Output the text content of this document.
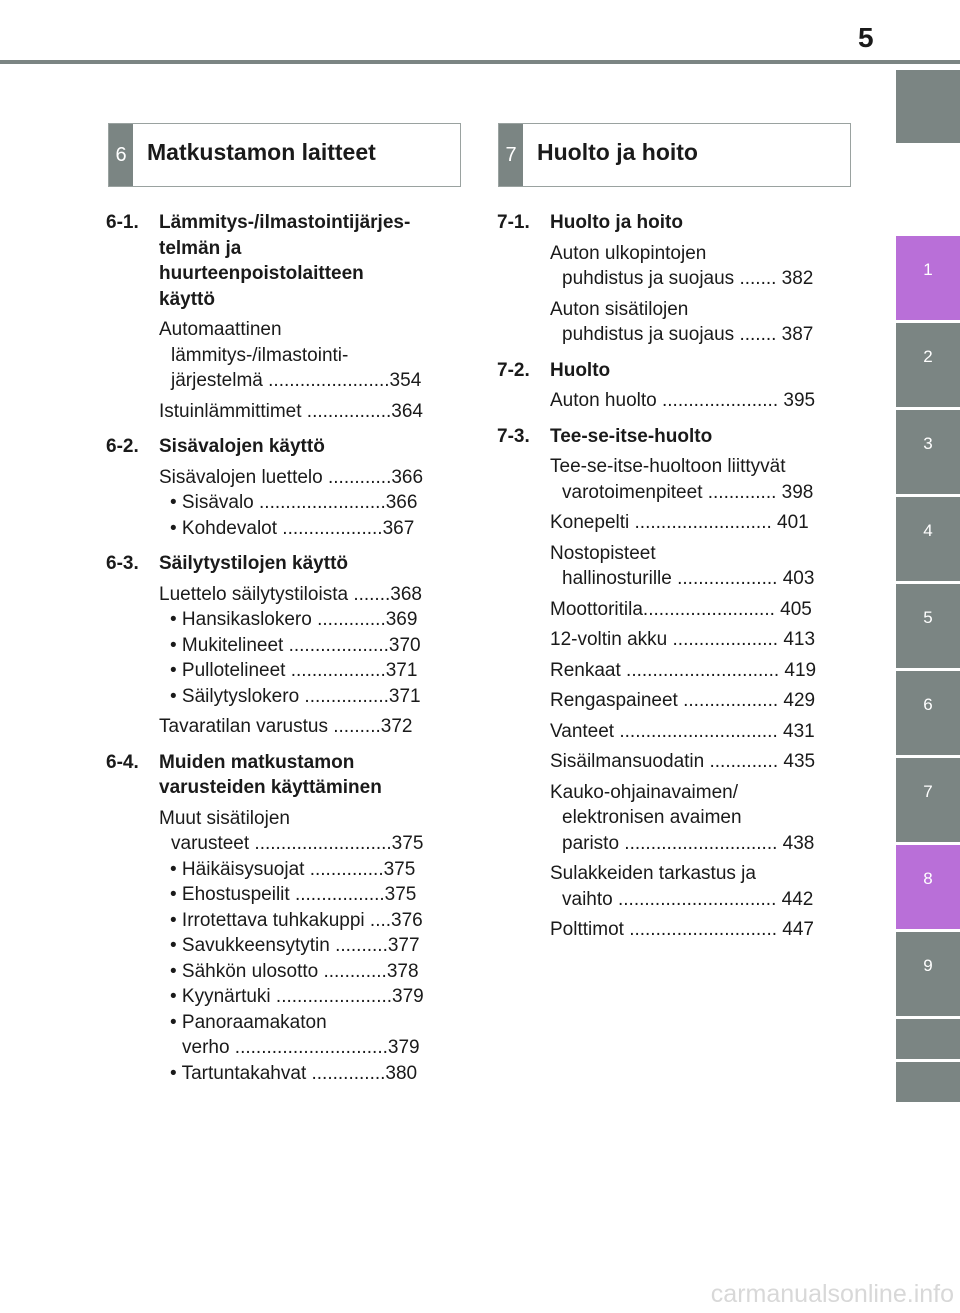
5
1
2
3
4
5
6
7
8
9
6 Matkustamon laitteet	7 Huolto ja hoito
6-1.	Lämmitys-/ilmastointijärjes-
telmän ja
huurteenpoistolaitteen
käyttö
Automaattinen
lämmitys-/ilmastointi-
järjestelmä .......................354
Istuinlämmittimet ................364
6-2.	Sisävalojen käyttö
Sisävalojen luettelo ............366
• Sisävalo ........................366
• Kohdevalot ...................367
6-3.	Säilytystilojen käyttö
Luettelo säilytystiloista .......368
• Hansikaslokero .............369
• Mukitelineet ...................370
• Pullotelineet ..................371
• Säilytyslokero ................371
Tavaratilan varustus .........372
6-4.	Muiden matkustamon
varusteiden käyttäminen
Muut sisätilojen
varusteet ..........................375
• Häikäisysuojat ..............375
• Ehostuspeilit .................375
• Irrotettava tuhkakuppi ....376
• Savukkeensytytin ..........377
• Sähkön ulosotto ............378
• Kyynärtuki ......................379
• Panoraamakaton
verho .............................379
• Tartuntakahvat ..............380
7-1.	Huolto ja hoito
Auton ulkopintojen
puhdistus ja suojaus ....... 382
Auton sisätilojen
puhdistus ja suojaus ....... 387
7-2.	Huolto
Auton huolto ...................... 395
7-3.	Tee-se-itse-huolto
Tee-se-itse-huoltoon liittyvät
varotoimenpiteet ............. 398
Konepelti .......................... 401
Nostopisteet
hallinosturille ................... 403
Moottoritila......................... 405
12-voltin akku .................... 413
Renkaat ............................. 419
Rengaspaineet .................. 429
Vanteet .............................. 431
Sisäilmansuodatin ............. 435
Kauko-ohjainavaimen/
elektronisen avaimen
paristo ............................. 438
Sulakkeiden tarkastus ja
vaihto .............................. 442
Polttimot ............................ 447
carmanualsonline.info
